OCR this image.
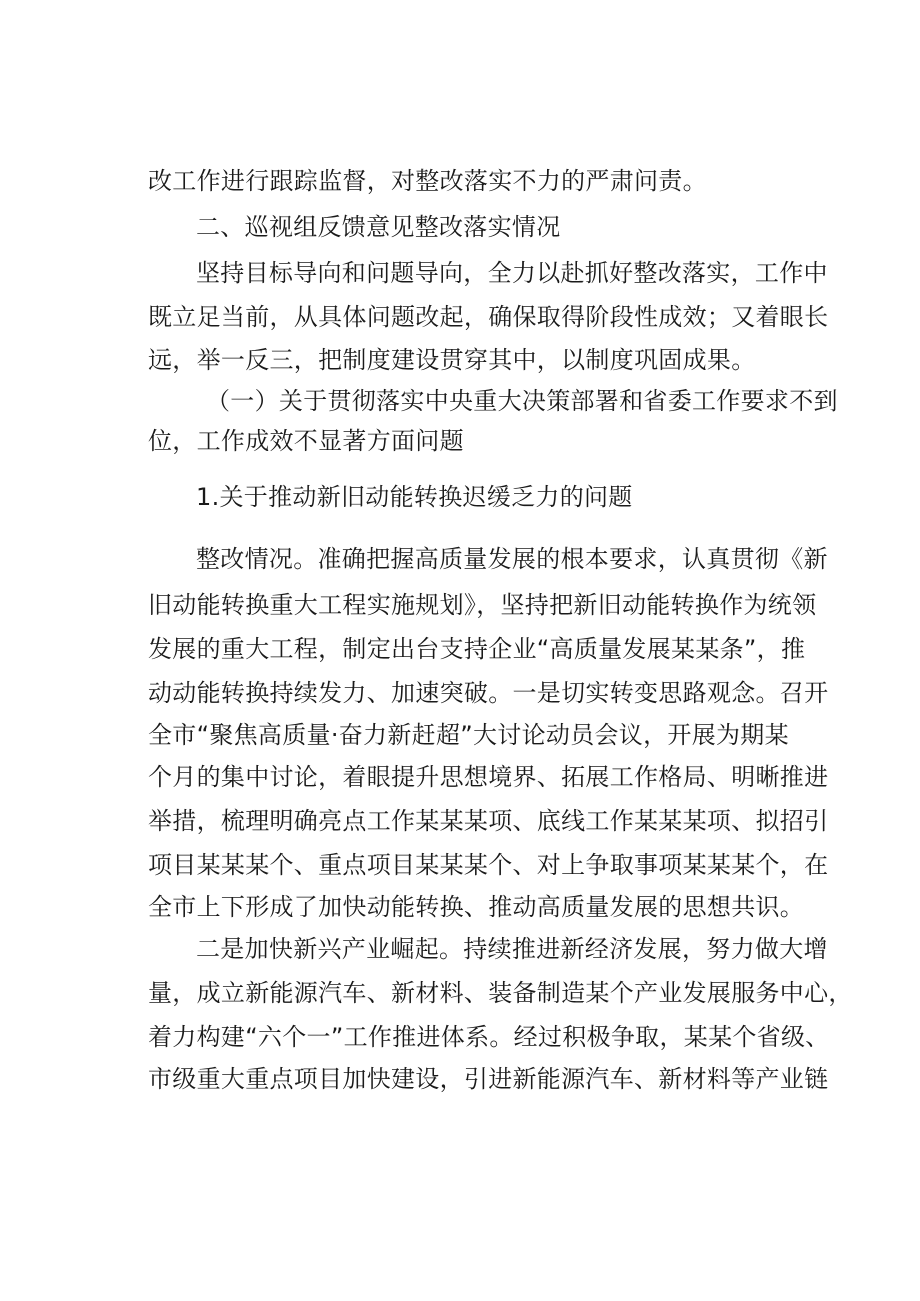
改工作进行跟踪监督，对整改落实不力的严肃问责。
二、巡视组反馈意见整改落实情况
坚持目标导向和问题导向，全力以赴抓好整改落实，工作中
既立足当前，从具体问题改起，确保取得阶段性成效；又着眼长
远，举一反三，把制度建设贯穿其中，以制度巩固成果。
（一）关于贯彻落实中央重大决策部署和省委工作要求不到
位，工作成效不显著方面问题
1.关于推动新旧动能转换迟缓乏力的问题
整改情况。准确把握高质量发展的根本要求，认真贯彻《新
旧动能转换重大工程实施规划》，坚持把新旧动能转换作为统领
发展的重大工程，制定出台支持企业“高质量发展某某条”，推
动动能转换持续发力、加速突破。一是切实转变思路观念。召开
全市“聚焦高质量·奋力新赶超”大讨论动员会议，开展为期某
个月的集中讨论，着眼提升思想境界、拓展工作格局、明晰推进
举措，梳理明确亮点工作某某某项、底线工作某某某项、拟招引
项目某某某个、重点项目某某某个、对上争取事项某某某个，在
全市上下形成了加快动能转换、推动高质量发展的思想共识。
二是加快新兴产业崛起。持续推进新经济发展，努力做大增
量，成立新能源汽车、新材料、装备制造某个产业发展服务中心，
着力构建“六个一”工作推进体系。经过积极争取，某某个省级、
市级重大重点项目加快建设，引进新能源汽车、新材料等产业链
